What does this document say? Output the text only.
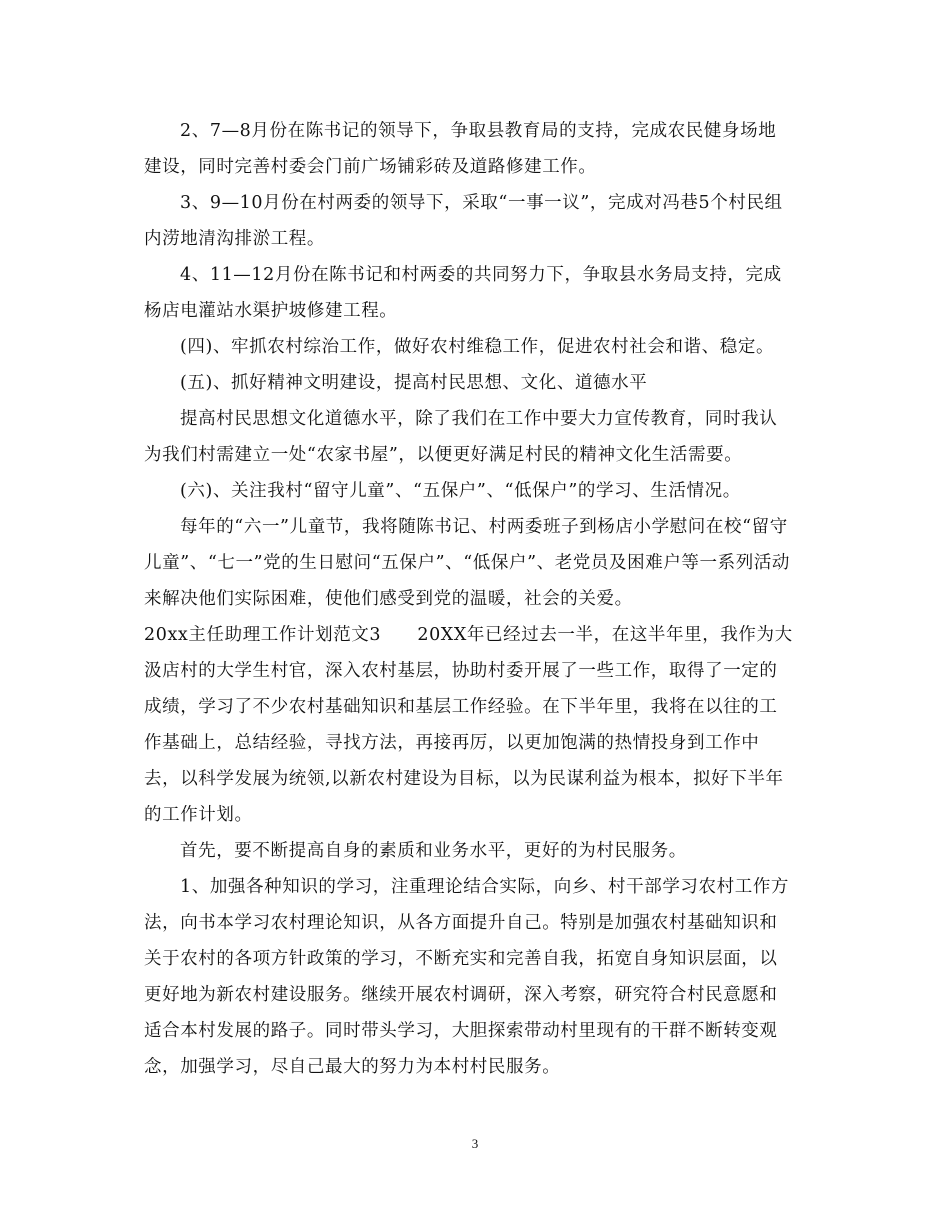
2、7—8月份在陈书记的领导下，争取县教育局的支持，完成农民健身场地
建设，同时完善村委会门前广场铺彩砖及道路修建工作。
3、9—10月份在村两委的领导下，采取“一事一议”，完成对冯巷5个村民组
内涝地清沟排淤工程。
4、11—12月份在陈书记和村两委的共同努力下，争取县水务局支持，完成
杨店电灌站水渠护坡修建工程。
(四)、牢抓农村综治工作，做好农村维稳工作，促进农村社会和谐、稳定。
(五)、抓好精神文明建设，提高村民思想、文化、道德水平
提高村民思想文化道德水平，除了我们在工作中要大力宣传教育，同时我认
为我们村需建立一处“农家书屋”，以便更好满足村民的精神文化生活需要。
(六)、关注我村“留守儿童”、“五保户”、“低保户”的学习、生活情况。
每年的“六一”儿童节，我将随陈书记、村两委班子到杨店小学慰问在校“留守
儿童”、“七一”党的生日慰问“五保户”、“低保户”、老党员及困难户等一系列活动
来解决他们实际困难，使他们感受到党的温暖，社会的关爱。
20xx主任助理工作计划范文3　　20XX年已经过去一半，在这半年里，我作为大
汲店村的大学生村官，深入农村基层，协助村委开展了一些工作，取得了一定的
成绩，学习了不少农村基础知识和基层工作经验。在下半年里，我将在以往的工
作基础上，总结经验，寻找方法，再接再厉，以更加饱满的热情投身到工作中
去，以科学发展为统领,以新农村建设为目标，以为民谋利益为根本，拟好下半年
的工作计划。
首先，要不断提高自身的素质和业务水平，更好的为村民服务。
1、加强各种知识的学习，注重理论结合实际，向乡、村干部学习农村工作方
法，向书本学习农村理论知识，从各方面提升自己。特别是加强农村基础知识和
关于农村的各项方针政策的学习，不断充实和完善自我，拓宽自身知识层面，以
更好地为新农村建设服务。继续开展农村调研，深入考察，研究符合村民意愿和
适合本村发展的路子。同时带头学习，大胆探索带动村里现有的干群不断转变观
念，加强学习，尽自己最大的努力为本村村民服务。
3
